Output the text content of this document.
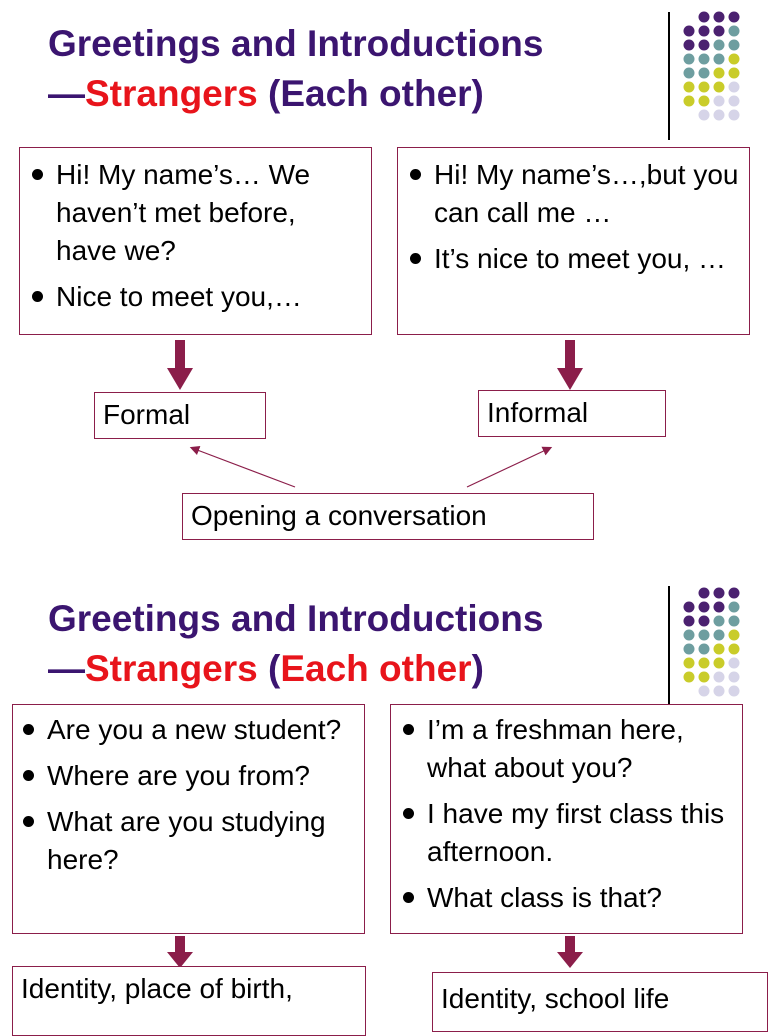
Greetings and Introductions
—Strangers (Each other)
Hi! My name’s… We haven’t met before, have we?
Nice to meet you,…
Hi! My name’s…,but you can call me …
It’s nice to meet you, …
Formal	Informal
Opening a conversation
Greetings and Introductions
—Strangers (Each other)
Are you a new student?
Where are you from?
What are you studying here?
I’m a freshman here, what about you?
I have my first class this afternoon.
What class is that?
Identity, place of birth,	Identity, school life
